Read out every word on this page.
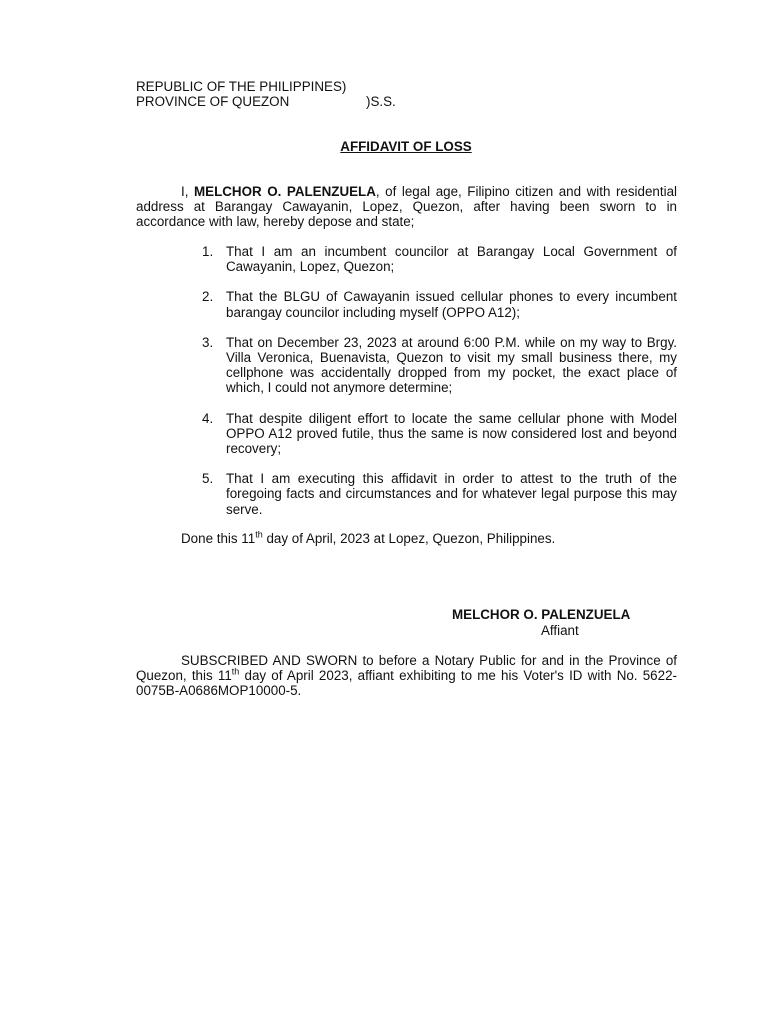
REPUBLIC OF THE PHILIPPINES)
PROVINCE OF QUEZON	)S.S.
AFFIDAVIT OF LOSS
I, MELCHOR O. PALENZUELA, of legal age, Filipino citizen and with residential address at Barangay Cawayanin, Lopez, Quezon, after having been sworn to in accordance with law, hereby depose and state;
1. That I am an incumbent councilor at Barangay Local Government of Cawayanin, Lopez, Quezon;
2. That the BLGU of Cawayanin issued cellular phones to every incumbent barangay councilor including myself (OPPO A12);
3. That on December 23, 2023 at around 6:00 P.M. while on my way to Brgy. Villa Veronica, Buenavista, Quezon to visit my small business there, my cellphone was accidentally dropped from my pocket, the exact place of which, I could not anymore determine;
4. That despite diligent effort to locate the same cellular phone with Model OPPO A12 proved futile, thus the same is now considered lost and beyond recovery;
5. That I am executing this affidavit in order to attest to the truth of the foregoing facts and circumstances and for whatever legal purpose this may serve.
Done this 11th day of April, 2023 at Lopez, Quezon, Philippines.
MELCHOR O. PALENZUELA
Affiant
SUBSCRIBED AND SWORN to before a Notary Public for and in the Province of Quezon, this 11th day of April 2023, affiant exhibiting to me his Voter's ID with No. 5622-0075B-A0686MOP10000-5.
